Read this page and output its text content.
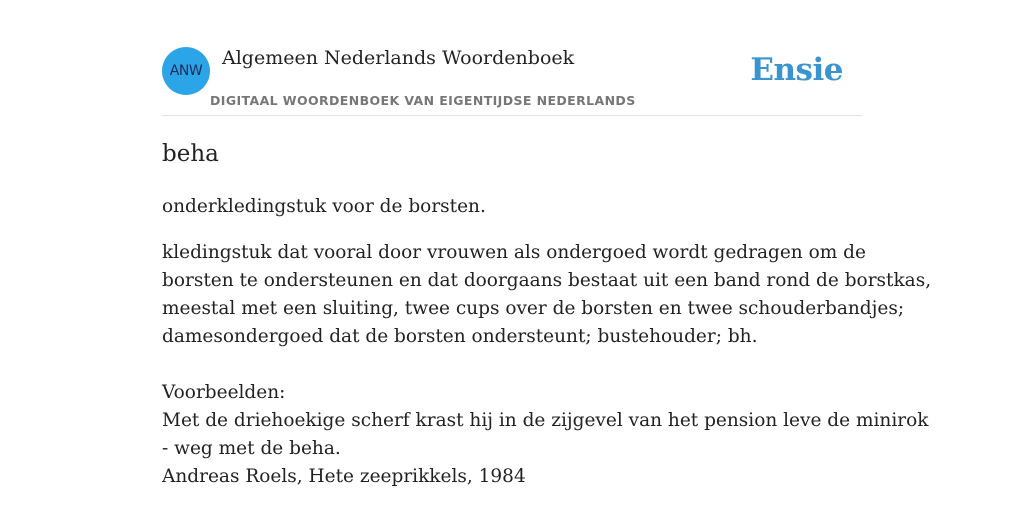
ANW
Algemeen Nederlands Woordenboek
DIGITAAL WOORDENBOEK VAN EIGENTIJDSE NEDERLANDS
Ensie
beha
onderkledingstuk voor de borsten.
kledingstuk dat vooral door vrouwen als ondergoed wordt gedragen om de
borsten te ondersteunen en dat doorgaans bestaat uit een band rond de borstkas,
meestal met een sluiting, twee cups over de borsten en twee schouderbandjes;
damesondergoed dat de borsten ondersteunt; bustehouder; bh.
Voorbeelden:
Met de driehoekige scherf krast hij in de zijgevel van het pension leve de minirok
- weg met de beha.
Andreas Roels, Hete zeeprikkels, 1984
